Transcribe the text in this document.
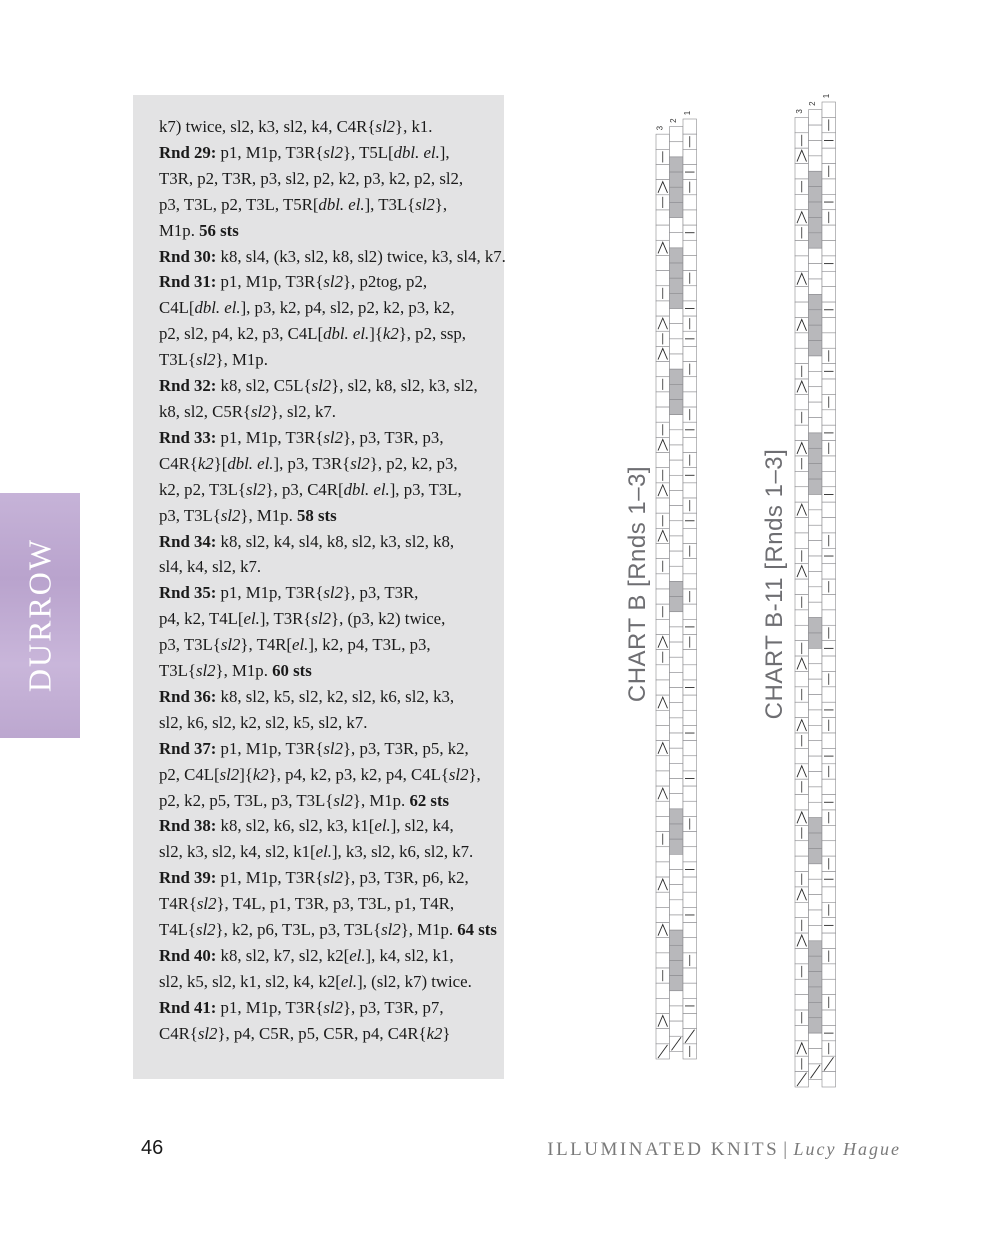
DURROW
k7) twice, sl2, k3, sl2, k4, C4R{sl2}, k1.
Rnd 29: p1, M1p, T3R{sl2}, T5L[dbl. el.],
T3R, p2, T3R, p3, sl2, p2, k2, p3, k2, p2, sl2,
p3, T3L, p2, T3L, T5R[dbl. el.], T3L{sl2},
M1p. 56 sts
Rnd 30: k8, sl4, (k3, sl2, k8, sl2) twice, k3, sl4, k7.
Rnd 31: p1, M1p, T3R{sl2}, p2tog, p2,
C4L[dbl. el.], p3, k2, p4, sl2, p2, k2, p3, k2,
p2, sl2, p4, k2, p3, C4L[dbl. el.]{k2}, p2, ssp,
T3L{sl2}, M1p.
Rnd 32: k8, sl2, C5L{sl2}, sl2, k8, sl2, k3, sl2,
k8, sl2, C5R{sl2}, sl2, k7.
Rnd 33: p1, M1p, T3R{sl2}, p3, T3R, p3,
C4R{k2}[dbl. el.], p3, T3R{sl2}, p2, k2, p3,
k2, p2, T3L{sl2}, p3, C4R[dbl. el.], p3, T3L,
p3, T3L{sl2}, M1p. 58 sts
Rnd 34: k8, sl2, k4, sl4, k8, sl2, k3, sl2, k8,
sl4, k4, sl2, k7.
Rnd 35: p1, M1p, T3R{sl2}, p3, T3R,
p4, k2, T4L[el.], T3R{sl2}, (p3, k2) twice,
p3, T3L{sl2}, T4R[el.], k2, p4, T3L, p3,
T3L{sl2}, M1p. 60 sts
Rnd 36: k8, sl2, k5, sl2, k2, sl2, k6, sl2, k3,
sl2, k6, sl2, k2, sl2, k5, sl2, k7.
Rnd 37: p1, M1p, T3R{sl2}, p3, T3R, p5, k2,
p2, C4L[sl2]{k2}, p4, k2, p3, k2, p4, C4L{sl2},
p2, k2, p5, T3L, p3, T3L{sl2}, M1p. 62 sts
Rnd 38: k8, sl2, k6, sl2, k3, k1[el.], sl2, k4,
sl2, k3, sl2, k4, sl2, k1[el.], k3, sl2, k6, sl2, k7.
Rnd 39: p1, M1p, T3R{sl2}, p3, T3R, p6, k2,
T4R{sl2}, T4L, p1, T3R, p3, T3L, p1, T4R,
T4L{sl2}, k2, p6, T3L, p3, T3L{sl2}, M1p. 64 sts
Rnd 40: k8, sl2, k7, sl2, k2[el.], k4, sl2, k1,
sl2, k5, sl2, k1, sl2, k4, k2[el.], (sl2, k7) twice.
Rnd 41: p1, M1p, T3R{sl2}, p3, T3R, p7,
C4R{sl2}, p4, C5R, p5, C5R, p4, C4R{k2}
3
2
1	3
2
1
CHART B [Rnds 1–3]	CHART B-11 [Rnds 1–3]
46	ILLUMINATED KNITS | Lucy Hague
